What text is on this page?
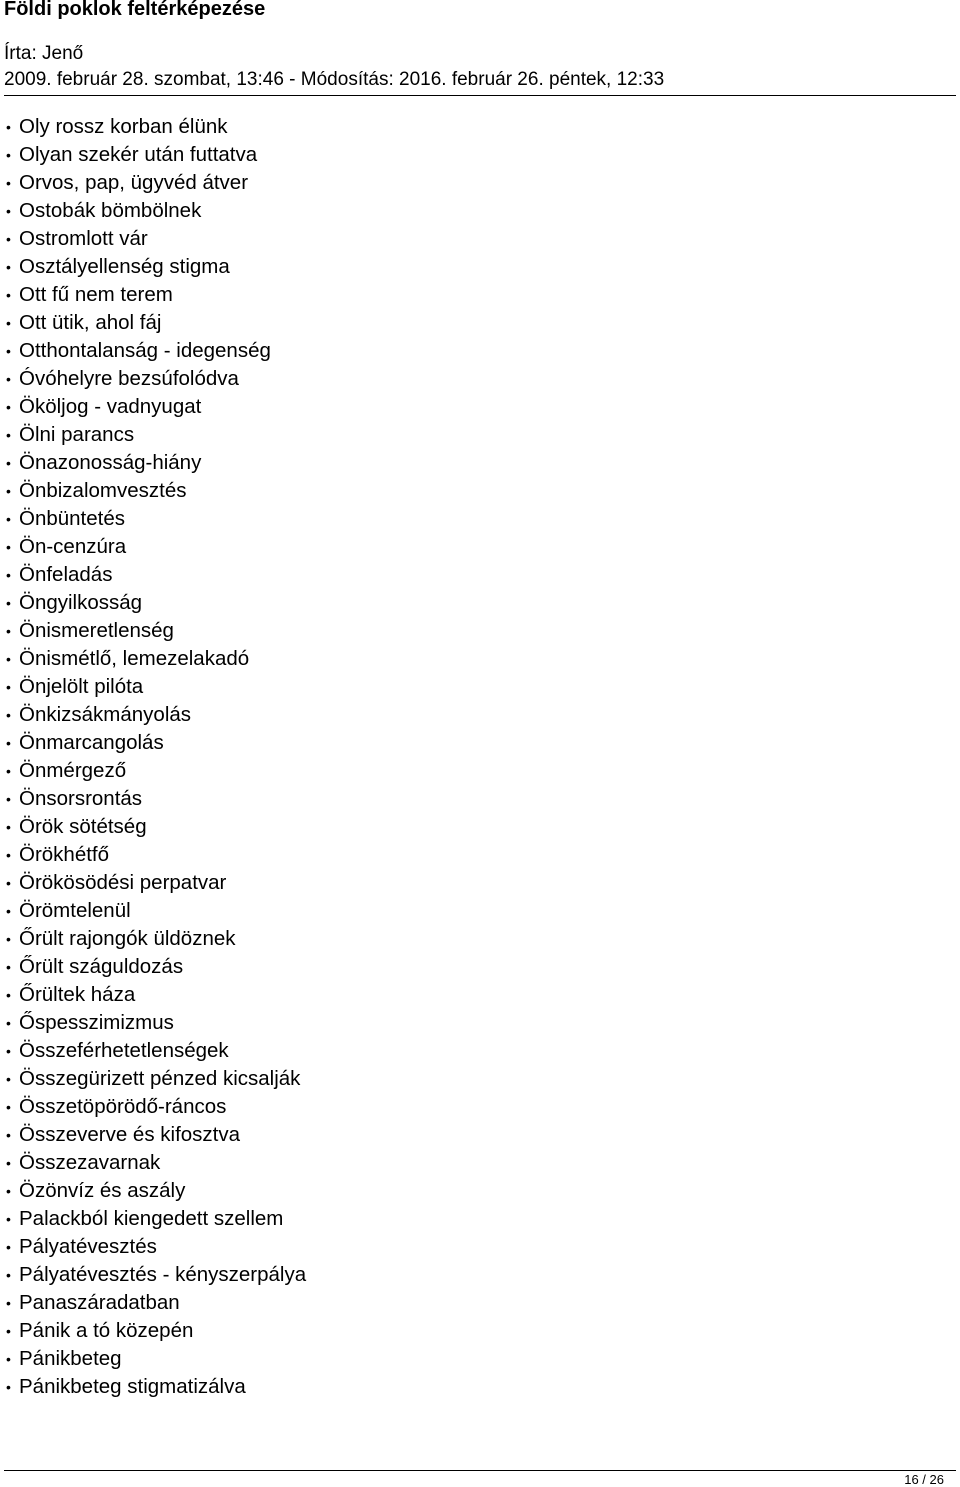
Földi poklok feltérképezése
Írta: Jenő
2009. február 28. szombat, 13:46 - Módosítás: 2016. február 26. péntek, 12:33
• Oly rossz korban élünk
• Olyan szekér után futtatva
• Orvos, pap, ügyvéd átver
• Ostobák bömbölnek
• Ostromlott vár
• Osztályellenség stigma
• Ott fű nem terem
• Ott ütik, ahol fáj
• Otthontalanság - idegenség
• Óvóhelyre bezsúfolódva
• Ököljog - vadnyugat
• Ölni parancs
• Önazonosság-hiány
• Önbizalomvesztés
• Önbüntetés
• Ön-cenzúra
• Önfeladás
• Öngyilkosság
• Önismeretlenség
• Önismétlő, lemezelakadó
• Önjelölt pilóta
• Önkizsákmányolás
• Önmarcangolás
• Önmérgező
• Önsorsrontás
• Örök sötétség
• Örökhétfő
• Örökösödési perpatvar
• Örömtelenül
• Őrült rajongók üldöznek
• Őrült száguldozás
• Őrültek háza
• Őspesszimizmus
• Összeférhetetlenségek
• Összegürizett pénzed kicsalják
• Összetöpörödő-ráncos
• Összeverve és kifosztva
• Összezavarnak
• Özönvíz és aszály
• Palackból kiengedett szellem
• Pályatévesztés
• Pályatévesztés - kényszerpálya
• Panaszáradatban
• Pánik a tó közepén
• Pánikbeteg
• Pánikbeteg stigmatizálva
16 / 26
